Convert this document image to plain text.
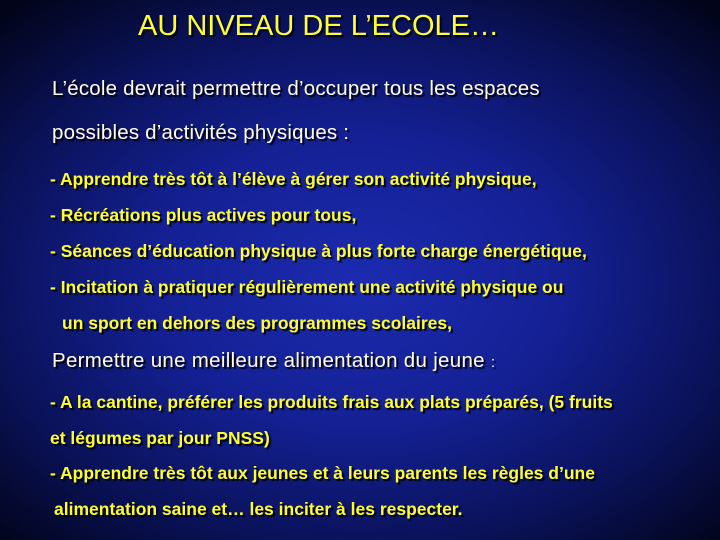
AU NIVEAU DE L’ECOLE…
L’école devrait permettre d’occuper tous les espaces
possibles d’activités physiques :
- Apprendre très tôt à l’élève à gérer son activité physique,
- Récréations plus actives pour tous,
- Séances d’éducation physique à plus forte charge énergétique,
- Incitation à pratiquer régulièrement une activité physique ou
un sport en dehors des programmes scolaires,
Permettre une meilleure alimentation du jeune :
- A la cantine, préférer les produits frais aux plats préparés, (5 fruits
et légumes par jour PNSS)
- Apprendre très tôt aux jeunes et à leurs parents les règles d’une
alimentation saine et… les inciter à les respecter.
